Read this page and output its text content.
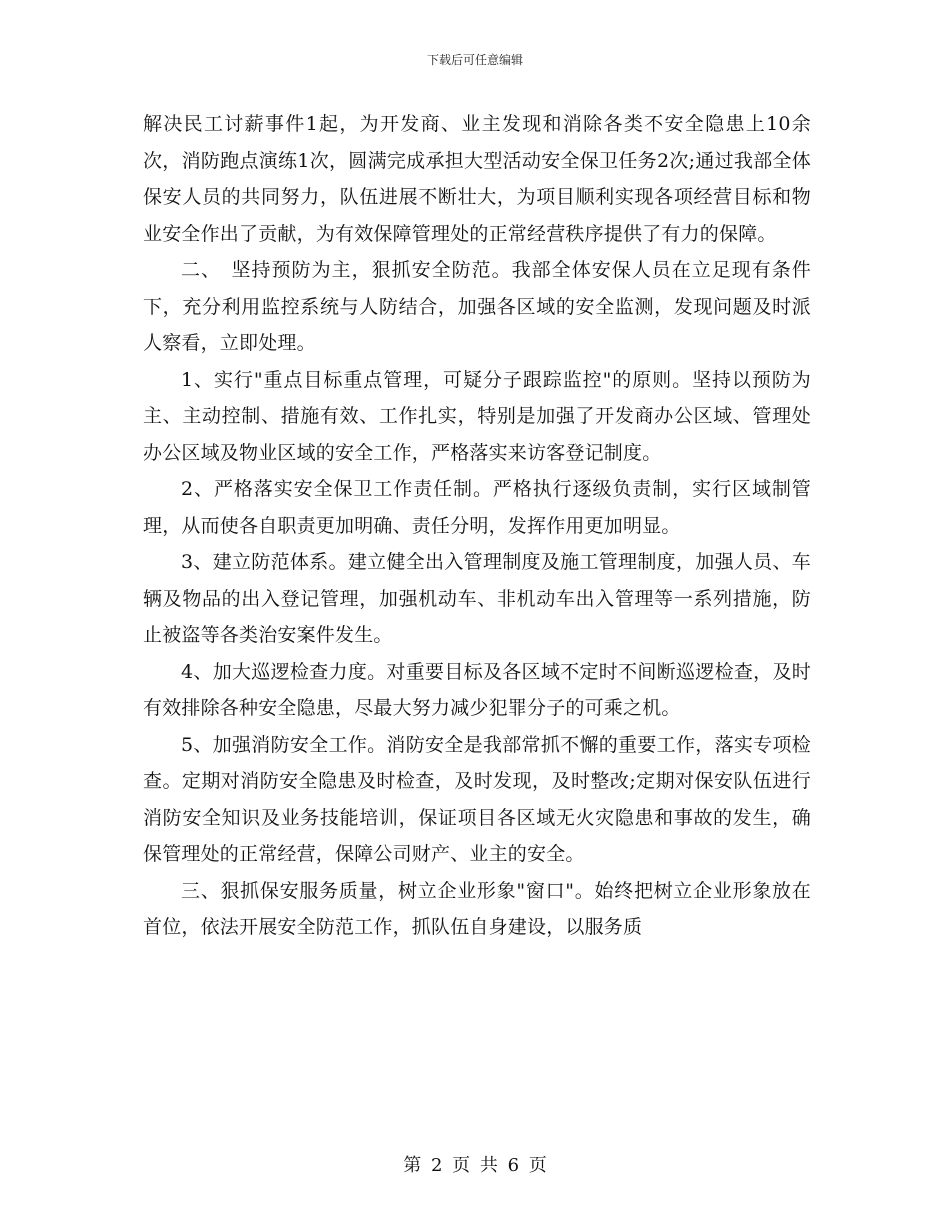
下载后可任意编辑

解决民工讨薪事件1起，为开发商、业主发现和消除各类不安全隐患上10余次，消防跑点演练1次，圆满完成承担大型活动安全保卫任务2次;通过我部全体保安人员的共同努力，队伍进展不断壮大，为项目顺利实现各项经营目标和物业安全作出了贡献，为有效保障管理处的正常经营秩序提供了有力的保障。

二、　坚持预防为主，狠抓安全防范。我部全体安保人员在立足现有条件下，充分利用监控系统与人防结合，加强各区域的安全监测，发现问题及时派人察看，立即处理。

1、实行"重点目标重点管理，可疑分子跟踪监控"的原则。坚持以预防为主、主动控制、措施有效、工作扎实，特别是加强了开发商办公区域、管理处办公区域及物业区域的安全工作，严格落实来访客登记制度。

2、严格落实安全保卫工作责任制。严格执行逐级负责制，实行区域制管理，从而使各自职责更加明确、责任分明，发挥作用更加明显。

3、建立防范体系。建立健全出入管理制度及施工管理制度，加强人员、车辆及物品的出入登记管理，加强机动车、非机动车出入管理等一系列措施，防止被盗等各类治安案件发生。

4、加大巡逻检查力度。对重要目标及各区域不定时不间断巡逻检查，及时有效排除各种安全隐患，尽最大努力减少犯罪分子的可乘之机。

5、加强消防安全工作。消防安全是我部常抓不懈的重要工作，落实专项检查。定期对消防安全隐患及时检查，及时发现，及时整改;定期对保安队伍进行消防安全知识及业务技能培训，保证项目各区域无火灾隐患和事故的发生，确保管理处的正常经营，保障公司财产、业主的安全。

三、狠抓保安服务质量，树立企业形象"窗口"。始终把树立企业形象放在首位，依法开展安全防范工作，抓队伍自身建设，以服务质

第 2 页 共 6 页
